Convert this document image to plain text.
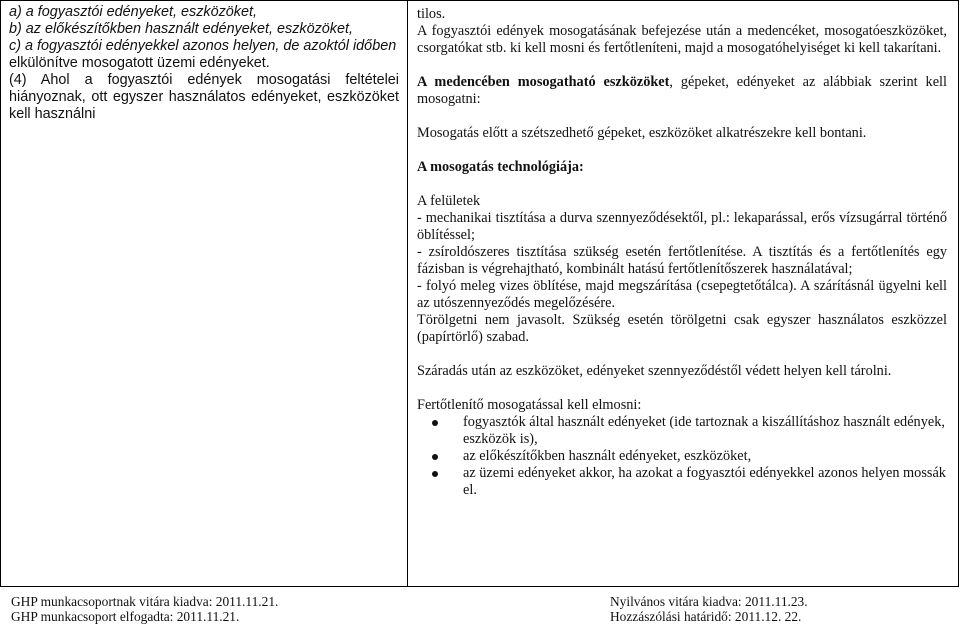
a) a fogyasztói edényeket, eszközöket,
b) az előkészítőkben használt edényeket, eszközöket,
c) a fogyasztói edényekkel azonos helyen, de azoktól időben
elkülönítve mosogatott üzemi edényeket.
(4) Ahol a fogyasztói edények mosogatási feltételei hiányoznak, ott egyszer használatos edényeket, eszközöket kell használni

tilos.

A fogyasztói edények mosogatásának befejezése után a medencéket, mosogatóeszközöket, csorgatókat stb. ki kell mosni és fertőtleníteni, majd a mosogatóhelyiséget ki kell takarítani.

A medencében mosogatható eszközöket, gépeket, edényeket az alábbiak szerint kell mosogatni:

Mosogatás előtt a szétszedhető gépeket, eszközöket alkatrészekre kell bontani.

A mosogatás technológiája:

A felületek

- mechanikai tisztítása a durva szennyeződésektől, pl.: lekaparással, erős vízsugárral történő öblítéssel;

- zsíroldószeres tisztítása szükség esetén fertőtlenítése. A tisztítás és a fertőtlenítés egy fázisban is végrehajtható, kombinált hatású fertőtlenítőszerek használatával;

- folyó meleg vizes öblítése, majd megszárítása (csepegtetőtálca). A szárításnál ügyelni kell az utószennyeződés megelőzésére.

Törölgetni nem javasolt. Szükség esetén törölgetni csak egyszer használatos eszközzel (papírtörlő) szabad.

Száradás után az eszközöket, edényeket szennyeződéstől védett helyen kell tárolni.

Fertőtlenítő mosogatással kell elmosni:

fogyasztók által használt edényeket (ide tartoznak a kiszállításhoz használt edények, eszközök is),
az előkészítőkben használt edényeket, eszközöket,
az üzemi edényeket akkor, ha azokat a fogyasztói edényekkel azonos helyen mossák el.
GHP munkacsoportnak vitára kiadva: 2011.11.21.	Nyilvános vitára kiadva: 2011.11.23.
GHP munkacsoport elfogadta: 2011.11.21.	Hozzászólási határidő: 2011.12. 22.
